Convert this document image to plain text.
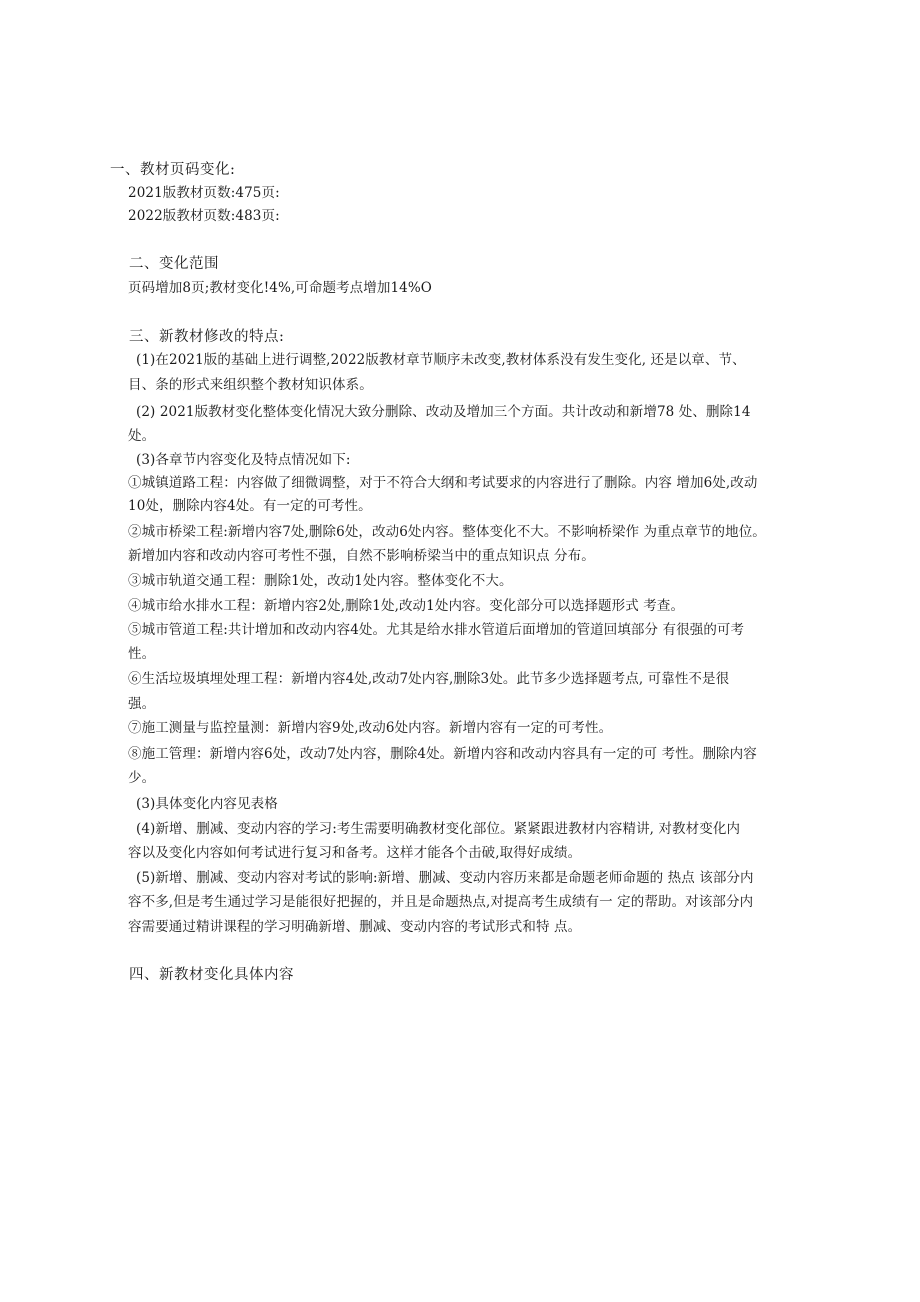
一、教材页码变化:
2021版教材页数:475页:
2022版教材页数:483页:
二、变化范围
页码增加8页;教材变化!4%,可命题考点增加14%O
三、新教材修改的特点:
(1)在2021版的基础上进行调整,2022版教材章节顺序未改变,教材体系没有发生变化, 还是以章、节、
目、条的形式来组织整个教材知识体系。
(2) 2021版教材变化整体变化情况大致分删除、改动及增加三个方面。共计改动和新增78 处、删除14
处。
(3)各章节内容变化及特点情况如下:
①城镇道路工程：内容做了细微调整，对于不符合大纲和考试要求的内容进行了删除。内容 增加6处,改动
10处，删除内容4处。有一定的可考性。
②城市桥梁工程:新增内容7处,删除6处，改动6处内容。整体变化不大。不影响桥梁作 为重点章节的地位。
新增加内容和改动内容可考性不强，自然不影响桥梁当中的重点知识点 分布。
③城市轨道交通工程：删除1处，改动1处内容。整体变化不大。
④城市给水排水工程：新增内容2处,删除1处,改动1处内容。变化部分可以选择题形式 考查。
⑤城市管道工程:共计增加和改动内容4处。尤其是给水排水管道后面增加的管道回填部分 有很强的可考
性。
⑥生活垃圾填埋处理工程：新增内容4处,改动7处内容,删除3处。此节多少选择题考点, 可靠性不是很
强。
⑦施工测量与监控量测：新增内容9处,改动6处内容。新增内容有一定的可考性。
⑧施工管理：新增内容6处，改动7处内容，删除4处。新增内容和改动内容具有一定的可 考性。删除内容
少。
(3)具体变化内容见表格
(4)新增、删减、变动内容的学习:考生需要明确教材变化部位。紧紧跟进教材内容精讲, 对教材变化内
容以及变化内容如何考试进行复习和备考。这样才能各个击破,取得好成绩。
(5)新增、删减、变动内容对考试的影响:新增、删减、变动内容历来都是命题老师命题的 热点 该部分内
容不多,但是考生通过学习是能很好把握的，并且是命题热点,对提高考生成绩有一 定的帮助。对该部分内
容需要通过精讲课程的学习明确新增、删减、变动内容的考试形式和特 点。
四、新教材变化具体内容
